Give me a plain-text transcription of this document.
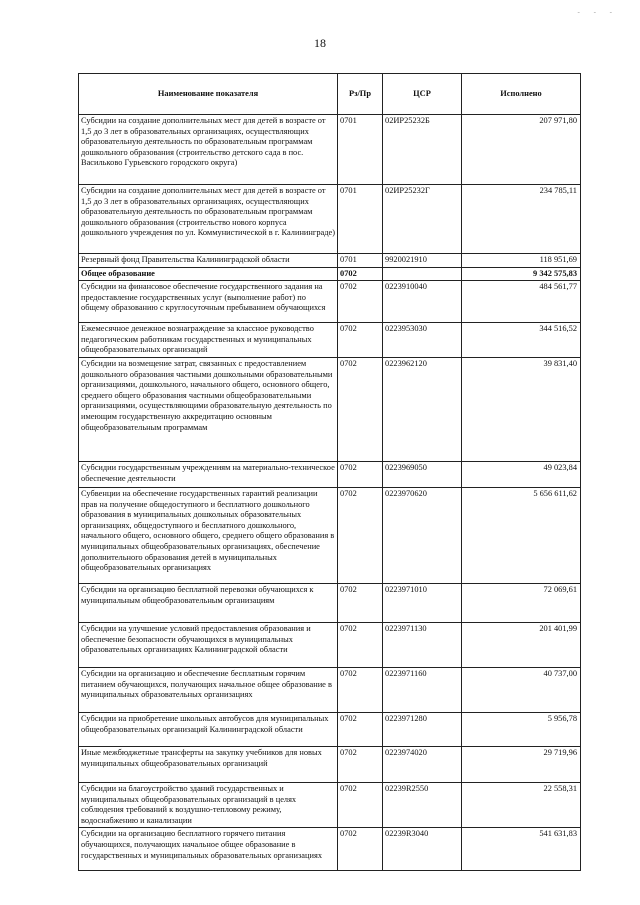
- - -
18
Наименование показателя	Рз/Пр	ЦСР	Исполнено
Субсидии на создание дополнительных мест для детей в возрасте от 1,5 до 3 лет в образовательных организациях, осуществляющих образовательную деятельность по образовательным программам дошкольного образования (строительство детского сада в пос. Васильково Гурьевского городского округа)	0701	02ИР25232Б	207 971,80
Субсидии на создание дополнительных мест для детей в возрасте от 1,5 до 3 лет в образовательных организациях, осуществляющих образовательную деятельность по образовательным программам дошкольного образования (строительство нового корпуса дошкольного учреждения по ул. Коммунистической в г. Калининграде)	0701	02ИР25232Г	234 785,11
Резервный фонд Правительства Калининградской области	0701	9920021910	118 951,69
Общее образование	0702		9 342 575,83
Субсидии на финансовое обеспечение государственного задания на предоставление государственных услуг (выполнение работ) по общему образованию с круглосуточным пребыванием обучающихся	0702	0223910040	484 561,77
Ежемесячное денежное вознаграждение за классное руководство педагогическим работникам государственных и муниципальных общеобразовательных организаций	0702	0223953030	344 516,52
Субсидии на возмещение затрат, связанных с предоставлением дошкольного образования частными дошкольными образовательными организациями, дошкольного, начального общего, основного общего, среднего общего образования частными общеобразовательными организациями, осуществляющими образовательную деятельность по имеющим государственную аккредитацию основным общеобразовательным программам	0702	0223962120	39 831,40
Субсидии государственным учреждениям на материально-техническое обеспечение деятельности	0702	0223969050	49 023,84
Субвенции на обеспечение государственных гарантий реализации прав на получение общедоступного и бесплатного дошкольного образования в муниципальных дошкольных образовательных организациях, общедоступного и бесплатного дошкольного, начального общего, основного общего, среднего общего образования в муниципальных общеобразовательных организациях, обеспечение дополнительного образования детей в муниципальных общеобразовательных организациях	0702	0223970620	5 656 611,62
Субсидии на организацию бесплатной перевозки обучающихся к муниципальным общеобразовательным организациям	0702	0223971010	72 069,61
Субсидии на улучшение условий предоставления образования и обеспечение безопасности обучающихся в муниципальных образовательных организациях Калининградской области	0702	0223971130	201 401,99
Субсидии на организацию и обеспечение бесплатным горячим питанием обучающихся, получающих начальное общее образование в муниципальных образовательных организациях	0702	0223971160	40 737,00
Субсидии на приобретение школьных автобусов для муниципальных общеобразовательных организаций Калининградской области	0702	0223971280	5 956,78
Иные межбюджетные трансферты на закупку учебников для новых муниципальных общеобразовательных организаций	0702	0223974020	29 719,96
Субсидии на благоустройство зданий государственных и муниципальных общеобразовательных организаций в целях соблюдения требований к воздушно-тепловому режиму, водоснабжению и канализации	0702	02239R2550	22 558,31
Субсидии на организацию бесплатного горячего питания обучающихся, получающих начальное общее образование в государственных и муниципальных образовательных организациях	0702	02239R3040	541 631,83
